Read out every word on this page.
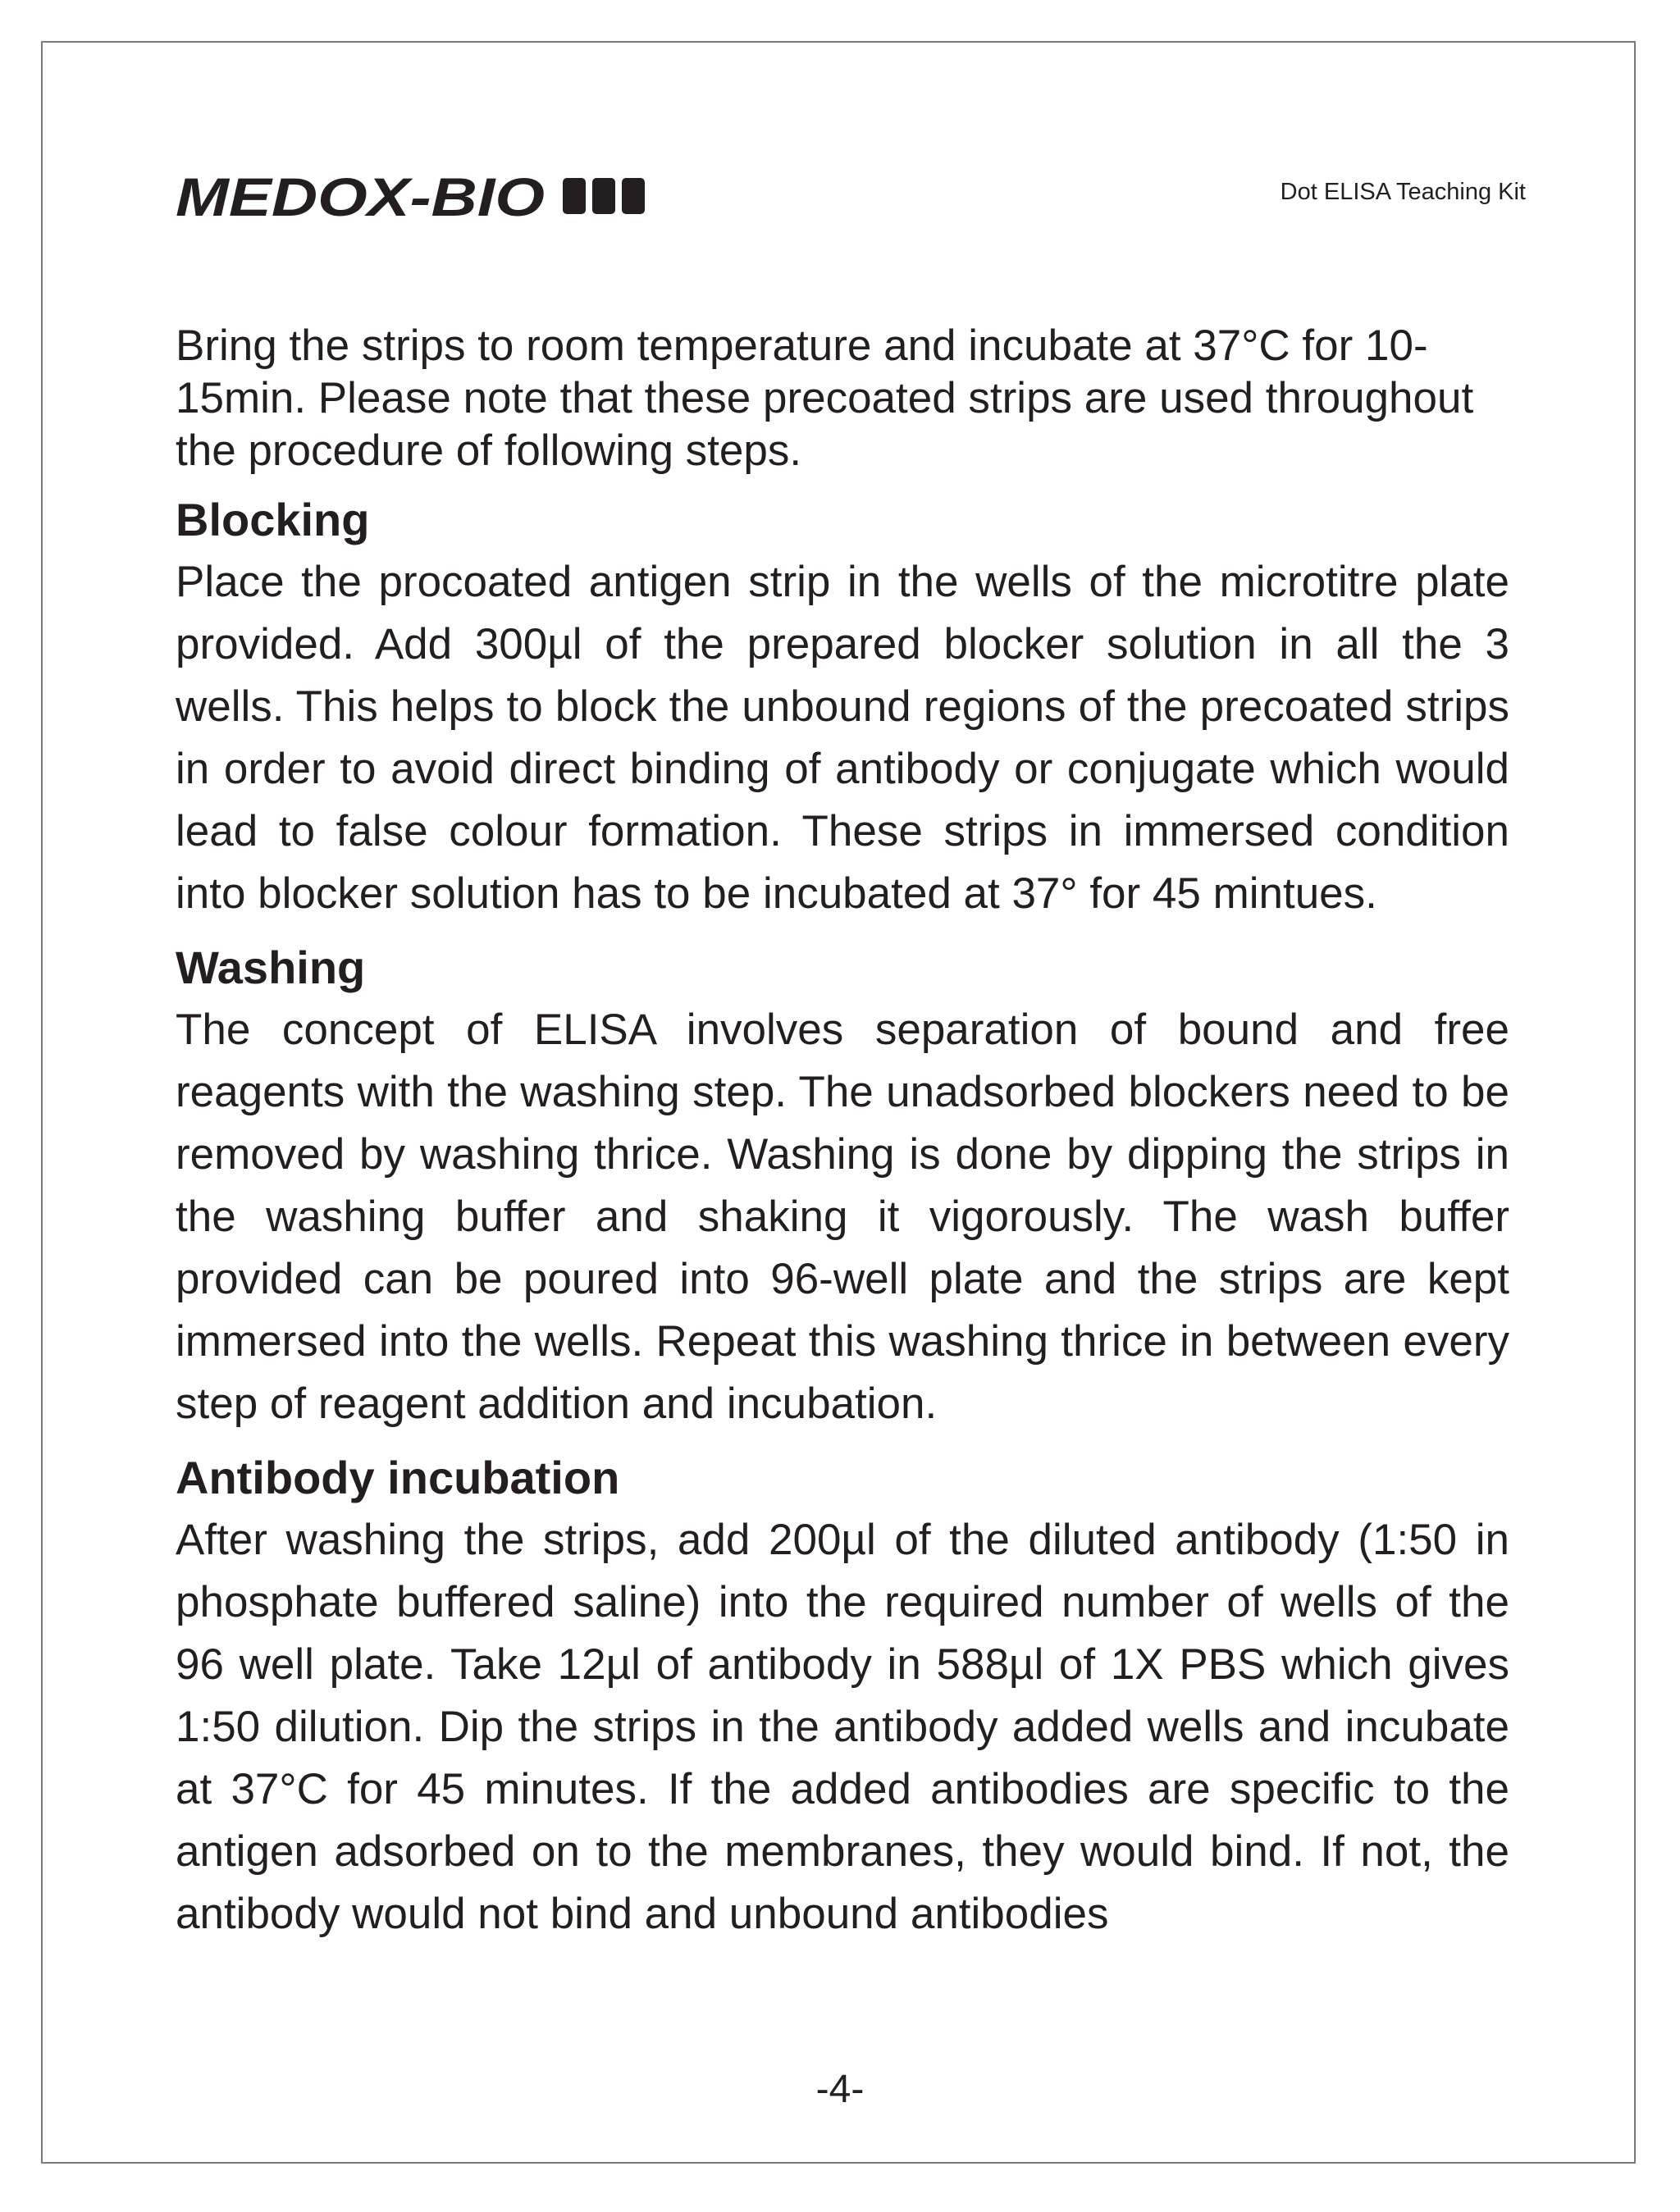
MEDOX-BIO	Dot ELISA Teaching Kit

Bring the strips to room temperature and incubate at 37°C for 10-15min. Please note that these precoated strips are used throughout the procedure of following steps.

Blocking

Place the procoated antigen strip in the wells of the microtitre plate provided. Add 300µl of the prepared blocker solution in all the 3 wells. This helps to block the unbound regions of the precoated strips in order to avoid direct binding of antibody or conjugate which would lead to false colour formation. These strips in immersed condition into blocker solution has to be incubated at 37° for 45 mintues.

Washing

The concept of ELISA involves separation of bound and free reagents with the washing step. The unadsorbed blockers need to be removed by washing thrice. Washing is done by dipping the strips in the washing buffer and shaking it vigorously. The wash buffer provided can be poured into 96-well plate and the strips are kept immersed into the wells. Repeat this washing thrice in between every step of reagent addition and incubation.

Antibody incubation

After washing the strips, add 200µl of the diluted antibody (1:50 in phosphate buffered saline) into the required number of wells of the 96 well plate. Take 12µl of antibody in 588µl of 1X PBS which gives 1:50 dilution. Dip the strips in the antibody added wells and incubate at 37°C for 45 minutes. If the added antibodies are specific to the antigen adsorbed on to the membranes, they would bind. If not, the antibody would not bind and unbound antibodies

-4-
